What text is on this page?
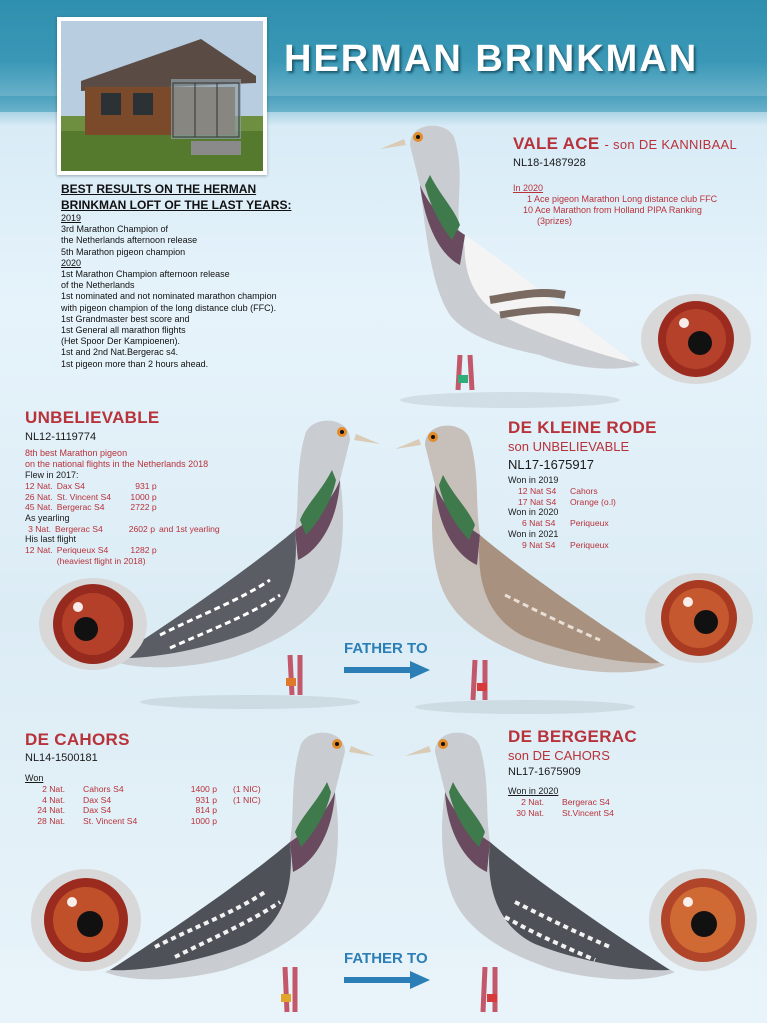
HERMAN BRINKMAN
BEST RESULTS ON THE HERMAN
BRINKMAN LOFT OF THE LAST YEARS:
2019
3rd Marathon Champion of
the Netherlands afternoon release
5th Marathon pigeon champion
2020
1st Marathon Champion afternoon release
of the Netherlands
1st nominated and not nominated marathon champion
with pigeon champion of the long distance club (FFC).
1st Grandmaster best score and
1st General all marathon flights
(Het Spoor Der Kampioenen).
1st and 2nd Nat.Bergerac s4.
1st pigeon more than 2 hours ahead.
VALE ACE - son DE KANNIBAAL
NL18-1487928
In 2020
1 Ace pigeon Marathon Long distance club FFC
10 Ace Marathon from Holland PIPA Ranking
(3prizes)
UNBELIEVABLE
NL12-1119774
8th best Marathon pigeon
on the national flights in the Netherlands 2018
Flew in 2017:
12 Nat.	Dax S4	931 p
26 Nat.	St. Vincent S4	1000 p
45 Nat.	Bergerac S4	2722 p
As yearling
3 Nat.	Bergerac S4	2602 p	and 1st yearling
His last flight
12 Nat.	Periqueux S4	1282 p
	(heaviest flight in 2018)	
DE KLEINE RODE
son UNBELIEVABLE
NL17-1675917
Won in 2019
12 Nat S4	Cahors
17 Nat S4	Orange (o.l)
Won in 2020
6 Nat S4	Periqueux
Won in 2021
9 Nat S4	Periqueux
FATHER TO
FATHER TO
DE CAHORS
NL14-1500181
Won
2 Nat.	Cahors S4	1400 p	(1 NIC)
4 Nat.	Dax S4	931 p	(1 NIC)
24 Nat.	Dax S4	814 p	
28 Nat.	St. Vincent S4	1000 p	
DE BERGERAC
son DE CAHORS
NL17-1675909
Won in 2020
2 Nat.	Bergerac S4
30 Nat.	St.Vincent S4
